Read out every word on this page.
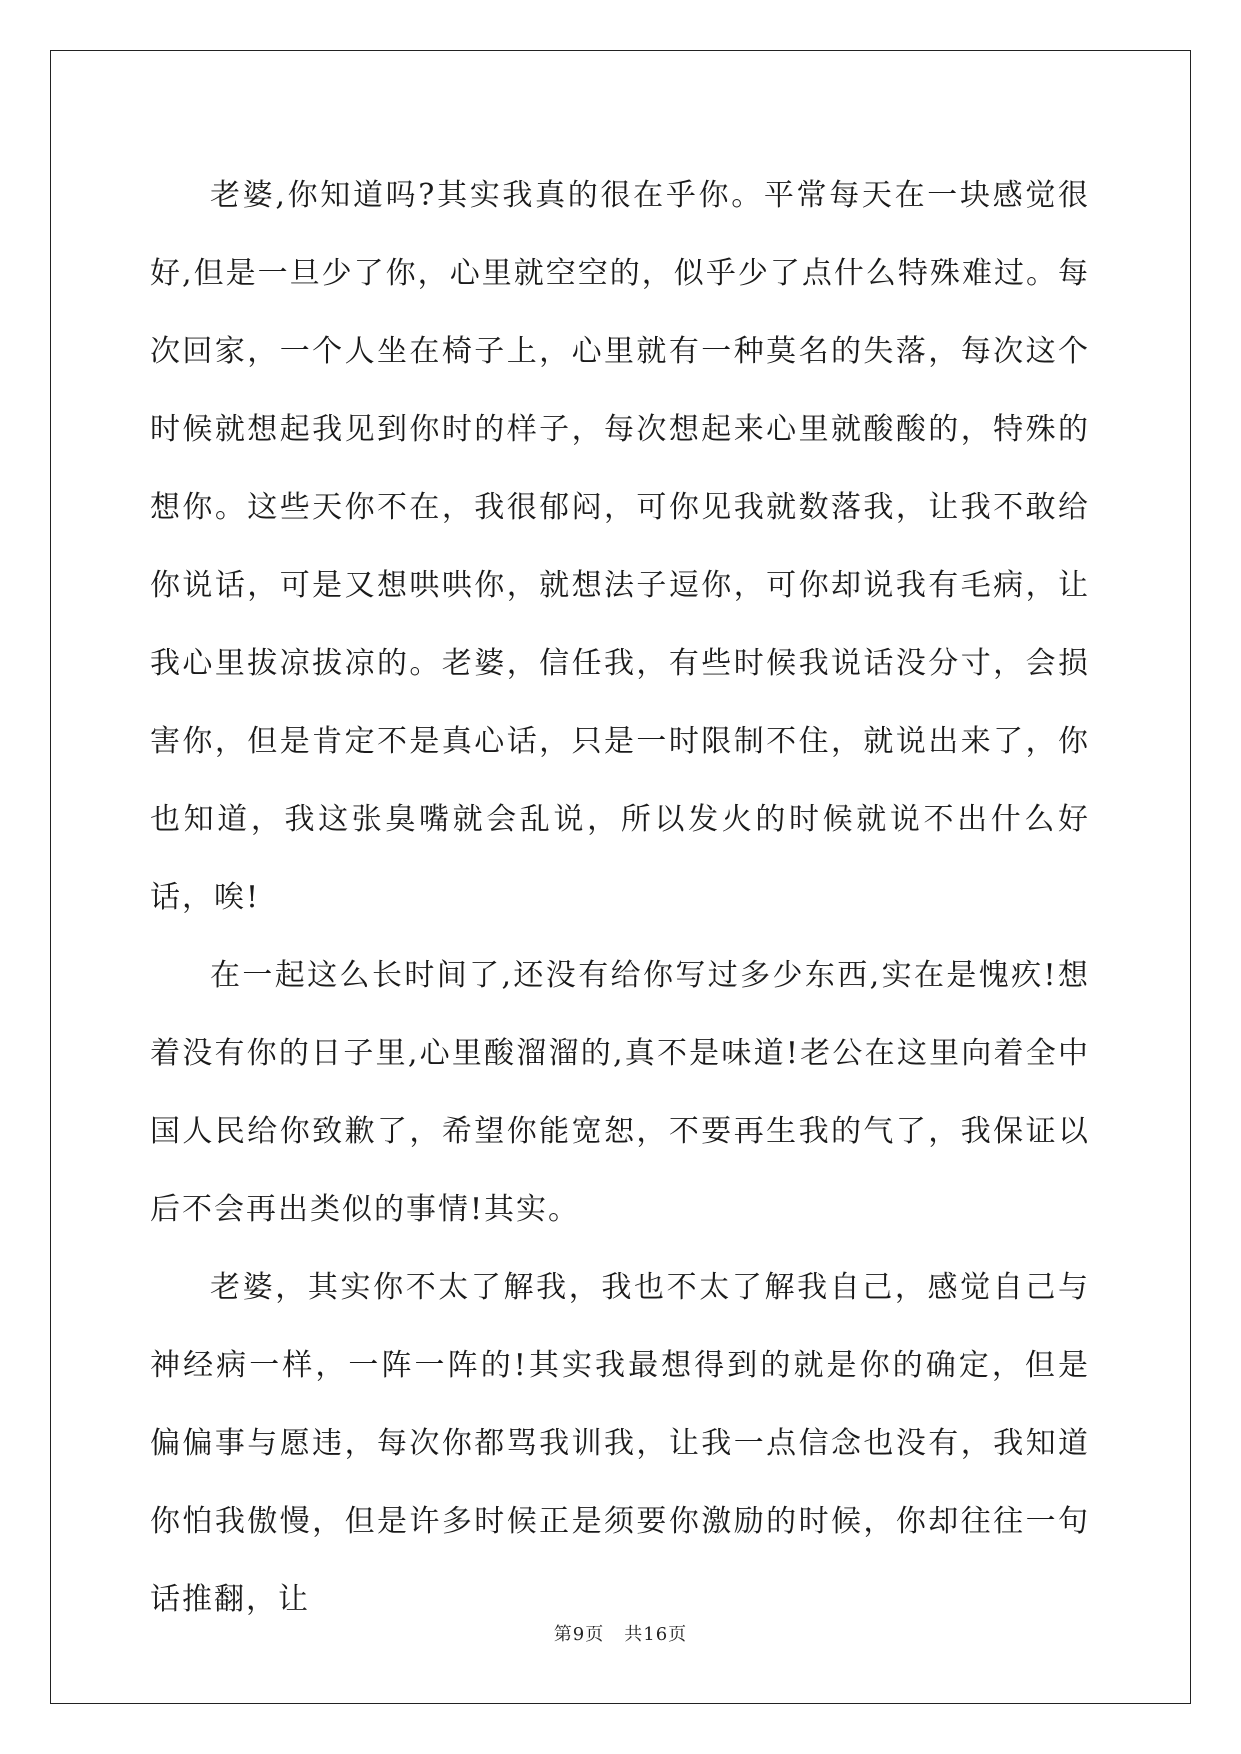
老婆,你知道吗?其实我真的很在乎你。平常每天在一块感觉很好,但是一旦少了你，心里就空空的，似乎少了点什么特殊难过。每次回家，一个人坐在椅子上，心里就有一种莫名的失落，每次这个时候就想起我见到你时的样子，每次想起来心里就酸酸的，特殊的想你。这些天你不在，我很郁闷，可你见我就数落我，让我不敢给你说话，可是又想哄哄你，就想法子逗你，可你却说我有毛病，让我心里拔凉拔凉的。老婆，信任我，有些时候我说话没分寸，会损害你，但是肯定不是真心话，只是一时限制不住，就说出来了，你也知道，我这张臭嘴就会乱说，所以发火的时候就说不出什么好话，唉!

在一起这么长时间了,还没有给你写过多少东西,实在是愧疚!想着没有你的日子里,心里酸溜溜的,真不是味道!老公在这里向着全中国人民给你致歉了，希望你能宽恕，不要再生我的气了，我保证以后不会再出类似的事情!其实。

老婆，其实你不太了解我，我也不太了解我自己，感觉自己与神经病一样，一阵一阵的!其实我最想得到的就是你的确定，但是偏偏事与愿违，每次你都骂我训我，让我一点信念也没有，我知道你怕我傲慢，但是许多时候正是须要你激励的时候，你却往往一句话推翻，让

第9页 共16页
